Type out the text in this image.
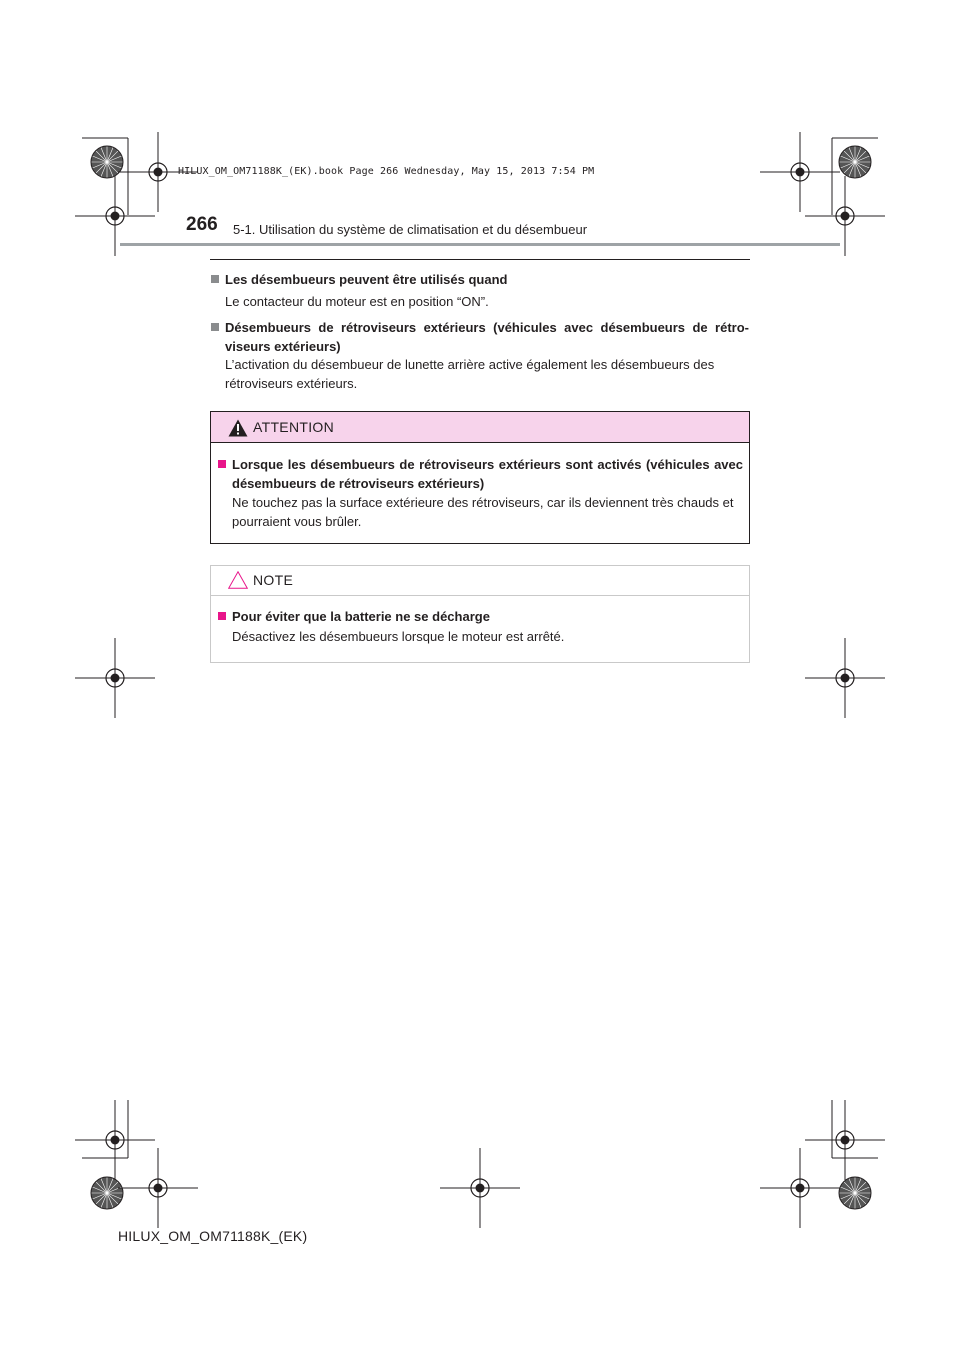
HILUX_OM_OM71188K_(EK).book Page 266 Wednesday, May 15, 2013 7:54 PM
266 5-1. Utilisation du système de climatisation et du désembueur
Les désembueurs peuvent être utilisés quand
Le contacteur du moteur est en position “ON”.
Désembueurs de rétroviseurs extérieurs (véhicules avec désembueurs de rétro-viseurs extérieurs)
L’activation du désembueur de lunette arrière active également les désembueurs des rétroviseurs extérieurs.
ATTENTION
Lorsque les désembueurs de rétroviseurs extérieurs sont activés (véhicules avec désembueurs de rétroviseurs extérieurs)
Ne touchez pas la surface extérieure des rétroviseurs, car ils deviennent très chauds et pourraient vous brûler.
NOTE
Pour éviter que la batterie ne se décharge
Désactivez les désembueurs lorsque le moteur est arrêté.
HILUX_OM_OM71188K_(EK)
